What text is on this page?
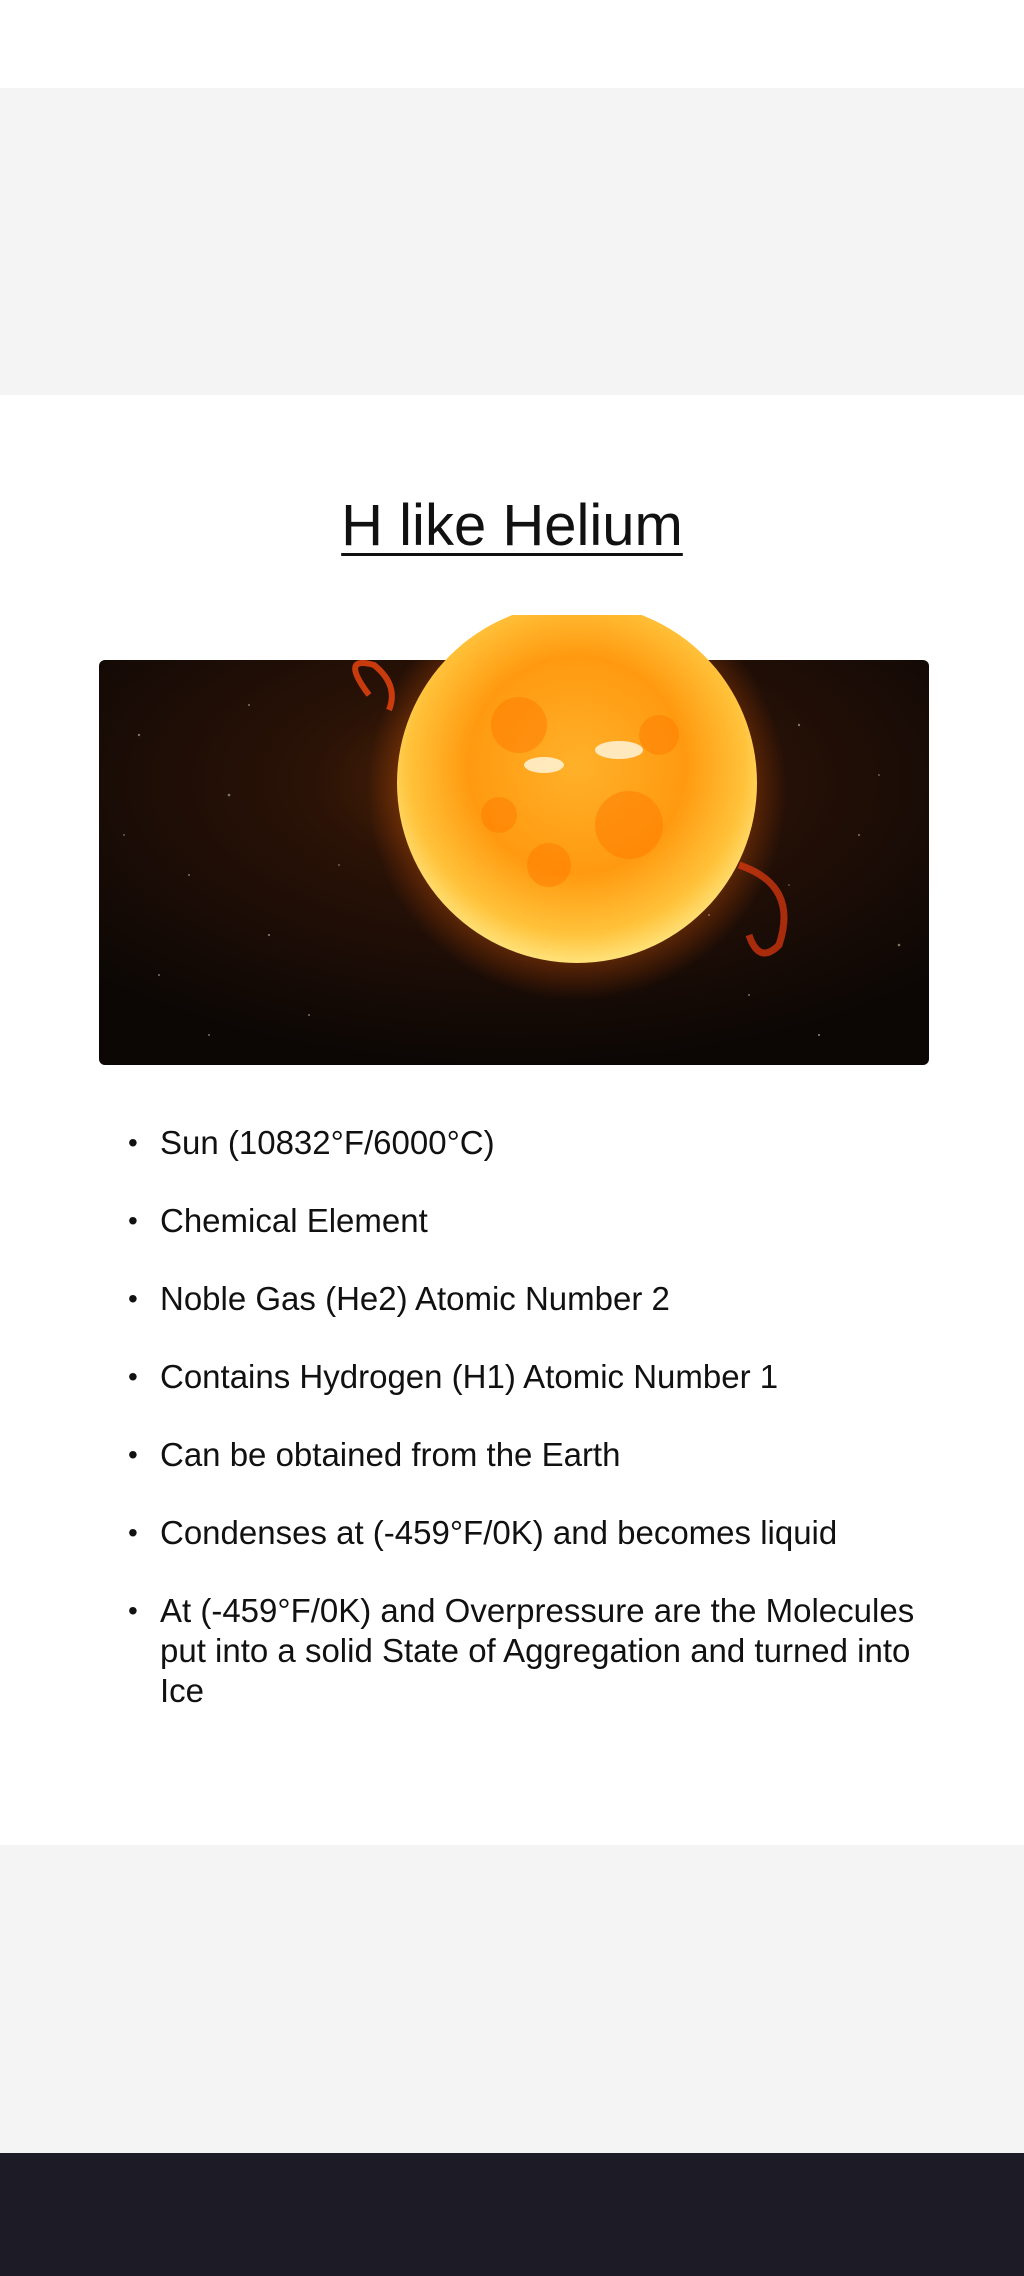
H like Helium
• Sun (10832°F/6000°C)
• Chemical Element
• Noble Gas (He2) Atomic Number 2
• Contains Hydrogen (H1) Atomic Number 1
• Can be obtained from the Earth
• Condenses at (-459°F/0K) and becomes liquid
• At (-459°F/0K) and Overpressure are the Molecules put into a solid State of Aggregation and turned into Ice
